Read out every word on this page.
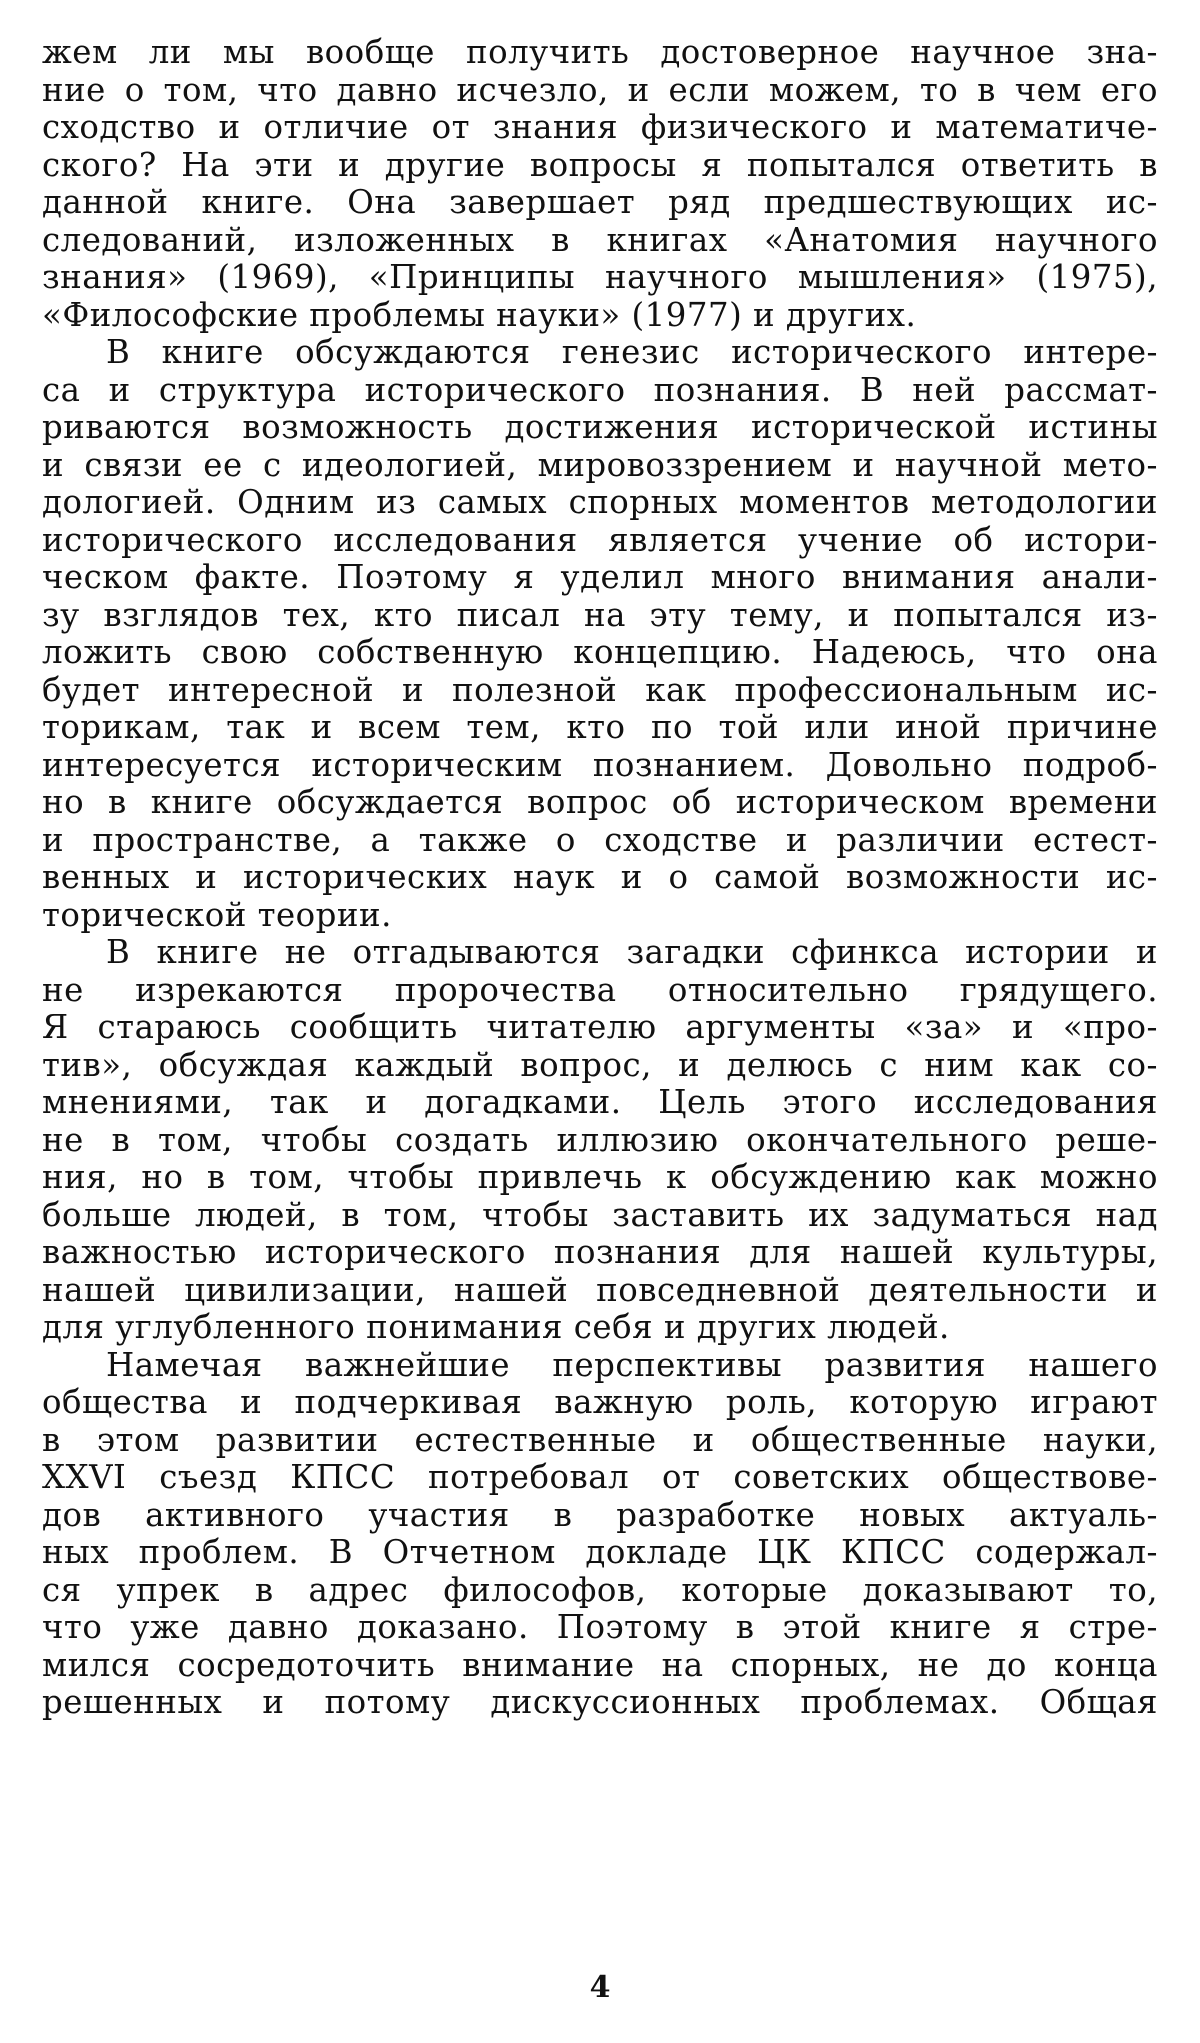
жем ли мы вообще получить достоверное научное зна-
ние о том, что давно исчезло, и если можем, то в чем его
сходство и отличие от знания физического и математиче-
ского? На эти и другие вопросы я попытался ответить в
данной книге. Она завершает ряд предшествующих ис-
следований, изложенных в книгах «Анатомия научного
знания» (1969), «Принципы научного мышления» (1975),
«Философские проблемы науки» (1977) и других.
В книге обсуждаются генезис исторического интере-
са и структура исторического познания. В ней рассмат-
риваются возможность достижения исторической истины
и связи ее с идеологией, мировоззрением и научной мето-
дологией. Одним из самых спорных моментов методологии
исторического исследования является учение об истори-
ческом факте. Поэтому я уделил много внимания анали-
зу взглядов тех, кто писал на эту тему, и попытался из-
ложить свою собственную концепцию. Надеюсь, что она
будет интересной и полезной как профессиональным ис-
торикам, так и всем тем, кто по той или иной причине
интересуется историческим познанием. Довольно подроб-
но в книге обсуждается вопрос об историческом времени
и пространстве, а также о сходстве и различии естест-
венных и исторических наук и о самой возможности ис-
торической теории.
В книге не отгадываются загадки сфинкса истории и
не изрекаются пророчества относительно грядущего.
Я стараюсь сообщить читателю аргументы «за» и «про-
тив», обсуждая каждый вопрос, и делюсь с ним как со-
мнениями, так и догадками. Цель этого исследования
не в том, чтобы создать иллюзию окончательного реше-
ния, но в том, чтобы привлечь к обсуждению как можно
больше людей, в том, чтобы заставить их задуматься над
важностью исторического познания для нашей культуры,
нашей цивилизации, нашей повседневной деятельности и
для углубленного понимания себя и других людей.
Намечая важнейшие перспективы развития нашего
общества и подчеркивая важную роль, которую играют
в этом развитии естественные и общественные науки,
XXVI съезд КПСС потребовал от советских обществове-
дов активного участия в разработке новых актуаль-
ных проблем. В Отчетном докладе ЦК КПСС содержал-
ся упрек в адрес философов, которые доказывают то,
что уже давно доказано. Поэтому в этой книге я стре-
мился сосредоточить внимание на спорных, не до конца
решенных и потому дискуссионных проблемах. Общая
4
